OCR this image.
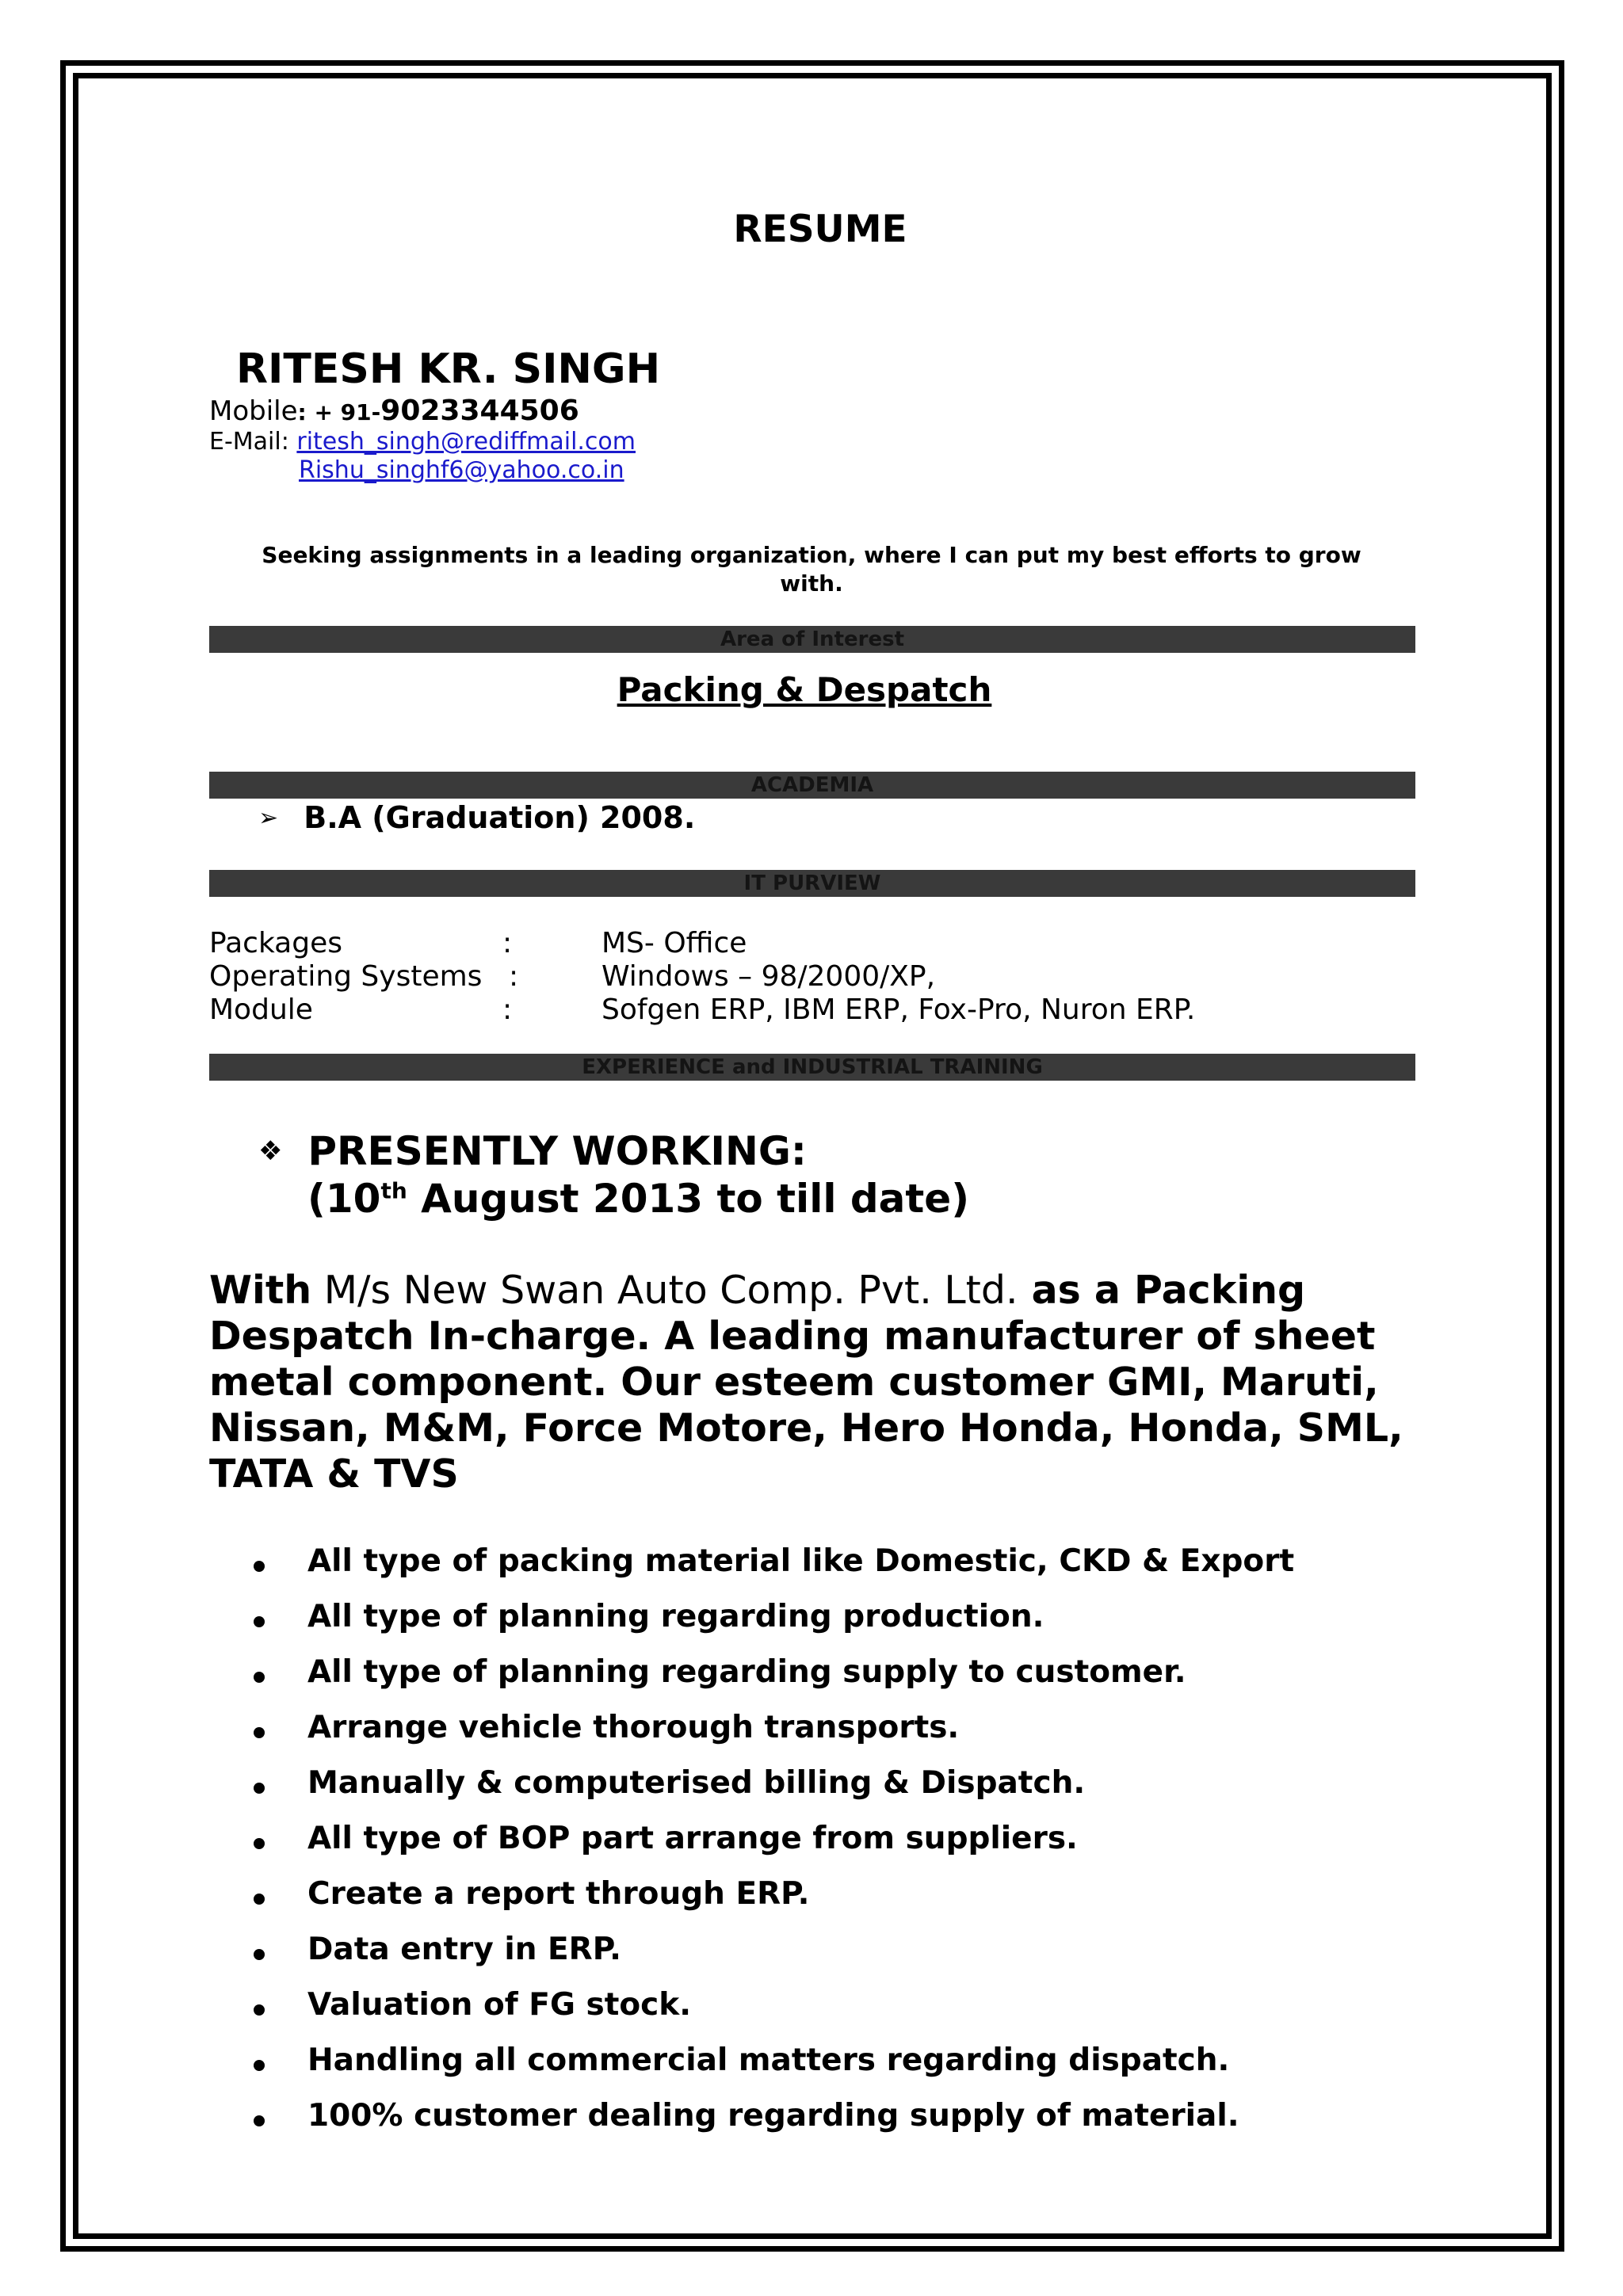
RESUME
RITESH KR. SINGH
Mobile: + 91-9023344506
E-Mail: ritesh_singh@rediffmail.com
Rishu_singhf6@yahoo.co.in
Seeking assignments in a leading organization, where I can put my best efforts to grow
with.
Area of Interest
Packing & Despatch
ACADEMIA
➢ B.A (Graduation) 2008.
IT PURVIEW
Packages	:	MS- Office
Operating Systems :	Windows – 98/2000/XP,
Module	:	Sofgen ERP, IBM ERP, Fox-Pro, Nuron ERP.
EXPERIENCE and INDUSTRIAL TRAINING
❖ PRESENTLY WORKING:
(10th August 2013 to till date)
With M/s New Swan Auto Comp. Pvt. Ltd. as a Packing
Despatch In-charge. A leading manufacturer of sheet
metal component. Our esteem customer GMI, Maruti,
Nissan, M&M, Force Motore, Hero Honda, Honda, SML,
TATA & TVS
All type of packing material like Domestic, CKD & Export
All type of planning regarding production.
All type of planning regarding supply to customer.
Arrange vehicle thorough transports.
Manually & computerised billing & Dispatch.
All type of BOP part arrange from suppliers.
Create a report through ERP.
Data entry in ERP.
Valuation of FG stock.
Handling all commercial matters regarding dispatch.
100% customer dealing regarding supply of material.
